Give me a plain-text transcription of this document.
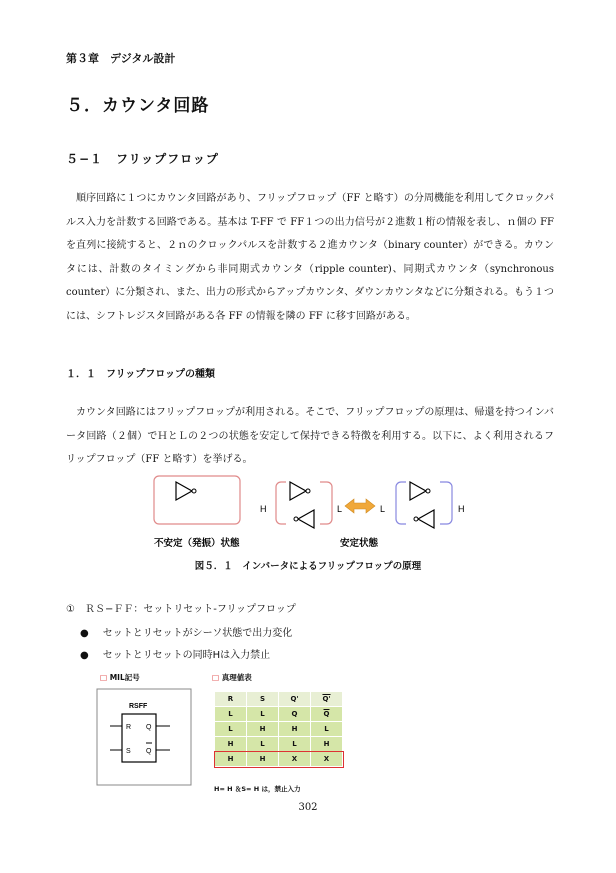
第３章　デジタル設計
５．カウンタ回路
５−１　フリップフロップ
順序回路に１つにカウンタ回路があり、フリップフロップ（FF と略す）の分周機能を利用してクロックパルス入力を計数する回路である。基本は T-FF で FF１つの出力信号が２進数１桁の情報を表し、ｎ個の FF を直列に接続すると、２ｎのクロックパルスを計数する２進カウンタ（binary counter）ができる。カウンタには、計数のタイミングから非同期式カウンタ（ripple counter)、同期式カウンタ（synchronous counter）に分類され、また、出力の形式からアップカウンタ、ダウンカウンタなどに分類される。もう１つには、シフトレジスタ回路がある各 FF の情報を隣の FF に移す回路がある。
１．１　フリップフロップの種類
カウンタ回路にはフリップフロップが利用される。そこで、フリップフロップの原理は、帰還を持つインバータ回路（２個）でＨとＬの２つの状態を安定して保持できる特徴を利用する。以下に、よく利用されるフリップフロップ（FF と略す）を挙げる。
H	L	L	H
不安定（発振）状態	安定状態
図５．１　インバータによるフリップフロップの原理
①　ＲＳ−ＦＦ：セットリセット-フリップフロップ
● セットとリセットがシーソ状態で出力変化
● セットとリセットの同時Hは入力禁止
□ MIL記号
RSFF
R
S
Q
Q
□ 真理値表
R	S	Q'	Q'
L	L	Q	$\overline{Q}$
L	H	H	L
H	L	L	H
H	H	X	X
H= H ＆S= H は，禁止入力
302
